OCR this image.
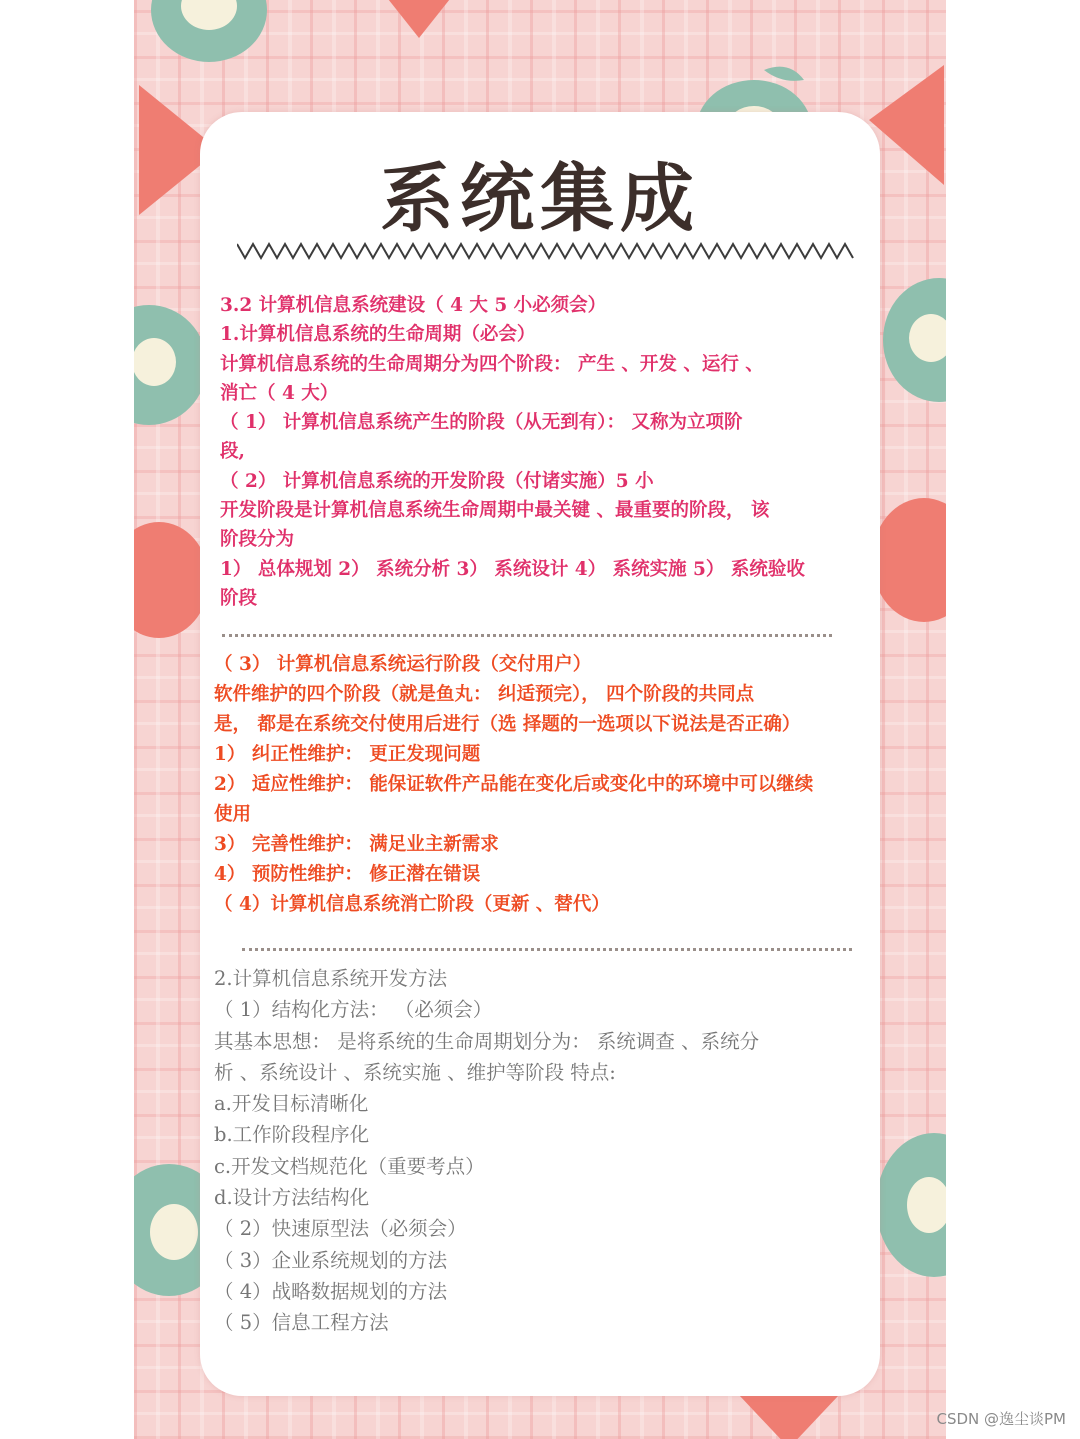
系统集成
3.2 计算机信息系统建设（ 4 大 5 小必须会）
1.计算机信息系统的生命周期（必会）
计算机信息系统的生命周期分为四个阶段： 产生 、开发 、运行 、
消亡（ 4 大）
（ 1） 计算机信息系统产生的阶段（从无到有）： 又称为立项阶
段,
（ 2） 计算机信息系统的开发阶段（付诸实施）5 小
开发阶段是计算机信息系统生命周期中最关键 、最重要的阶段， 该
阶段分为
1） 总体规划 2） 系统分析 3） 系统设计 4） 系统实施 5） 系统验收
阶段
（ 3） 计算机信息系统运行阶段（交付用户）
软件维护的四个阶段（就是鱼丸： 纠适预完）， 四个阶段的共同点
是， 都是在系统交付使用后进行（选 择题的一选项以下说法是否正确）
1） 纠正性维护： 更正发现问题
2） 适应性维护： 能保证软件产品能在变化后或变化中的环境中可以继续
使用
3） 完善性维护： 满足业主新需求
4） 预防性维护： 修正潜在错误
（ 4）计算机信息系统消亡阶段（更新 、替代）
2.计算机信息系统开发方法
（ 1）结构化方法： （必须会）
其基本思想： 是将系统的生命周期划分为： 系统调查 、系统分
析 、系统设计 、系统实施 、维护等阶段 特点:
a.开发目标清晰化
b.工作阶段程序化
c.开发文档规范化（重要考点）
d.设计方法结构化
（ 2）快速原型法（必须会）
（ 3）企业系统规划的方法
（ 4）战略数据规划的方法
（ 5）信息工程方法
CSDN @逸尘谈PM
